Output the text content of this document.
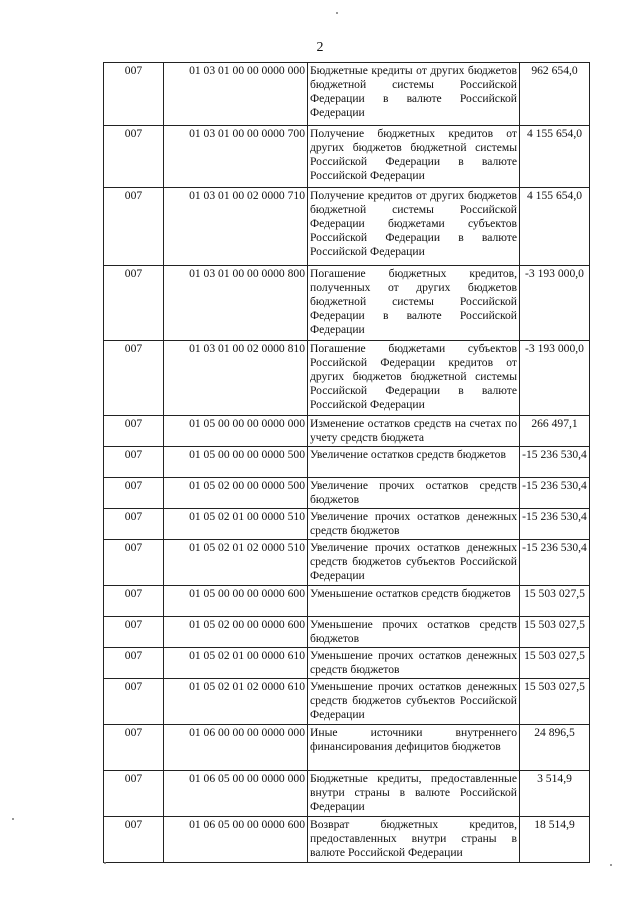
2
007	01 03 01 00 00 0000 000	Бюджетные кредиты от других бюджетов бюджетной системы Российской Федерации в валюте Российской Федерации	962 654,0
007	01 03 01 00 00 0000 700	Получение бюджетных кредитов от других бюджетов бюджетной системы Российской Федерации в валюте Российской Федерации	4 155 654,0
007	01 03 01 00 02 0000 710	Получение кредитов от других бюджетов бюджетной системы Российской Федерации бюджетами субъектов Российской Федерации в валюте Российской Федерации	4 155 654,0
007	01 03 01 00 00 0000 800	Погашение бюджетных кредитов, полученных от других бюджетов бюджетной системы Российской Федерации в валюте Российской Федерации	-3 193 000,0
007	01 03 01 00 02 0000 810	Погашение бюджетами субъектов Российской Федерации кредитов от других бюджетов бюджетной системы Российской Федерации в валюте Российской Федерации	-3 193 000,0
007	01 05 00 00 00 0000 000	Изменение остатков средств на счетах по учету средств бюджета	266 497,1
007	01 05 00 00 00 0000 500	Увеличение остатков средств бюджетов	-15 236 530,4
007	01 05 02 00 00 0000 500	Увеличение прочих остатков средств бюджетов	-15 236 530,4
007	01 05 02 01 00 0000 510	Увеличение прочих остатков денежных средств бюджетов	-15 236 530,4
007	01 05 02 01 02 0000 510	Увеличение прочих остатков денежных средств бюджетов субъектов Российской Федерации	-15 236 530,4
007	01 05 00 00 00 0000 600	Уменьшение остатков средств бюджетов	15 503 027,5
007	01 05 02 00 00 0000 600	Уменьшение прочих остатков средств бюджетов	15 503 027,5
007	01 05 02 01 00 0000 610	Уменьшение прочих остатков денежных средств бюджетов	15 503 027,5
007	01 05 02 01 02 0000 610	Уменьшение прочих остатков денежных средств бюджетов субъектов Российской Федерации	15 503 027,5
007	01 06 00 00 00 0000 000	Иные источники внутреннего финансирования дефицитов бюджетов	24 896,5
007	01 06 05 00 00 0000 000	Бюджетные кредиты, предоставленные внутри страны в валюте Российской Федерации	3 514,9
007	01 06 05 00 00 0000 600	Возврат бюджетных кредитов, предоставленных внутри страны в валюте Российской Федерации	18 514,9
